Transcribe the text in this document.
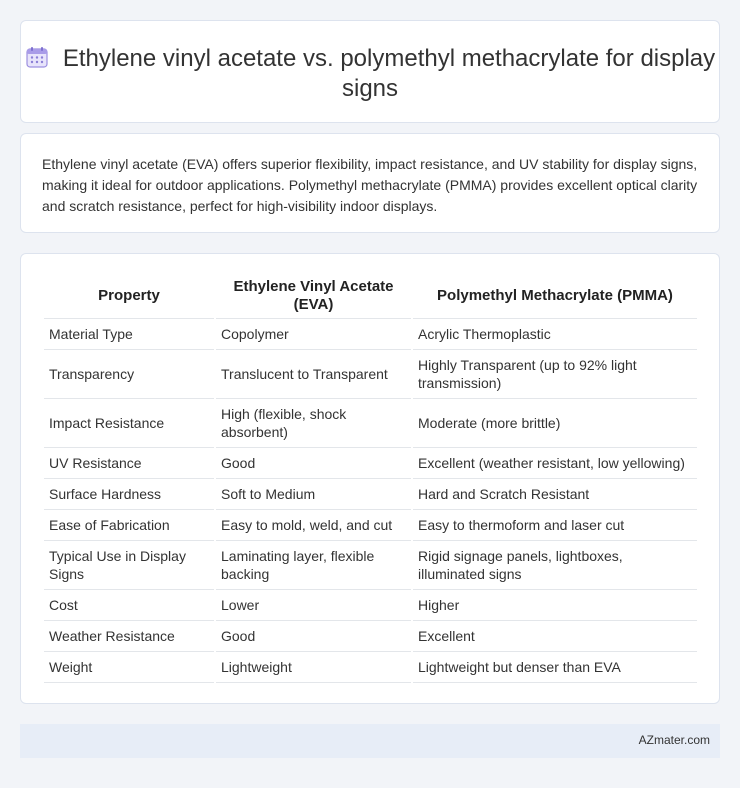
Ethylene vinyl acetate vs. polymethyl methacrylate for display signs

Ethylene vinyl acetate (EVA) offers superior flexibility, impact resistance, and UV stability for display signs, making it ideal for outdoor applications. Polymethyl methacrylate (PMMA) provides excellent optical clarity and scratch resistance, perfect for high-visibility indoor displays.

Property	Ethylene Vinyl Acetate (EVA)	Polymethyl Methacrylate (PMMA)
Material Type	Copolymer	Acrylic Thermoplastic
Transparency	Translucent to Transparent	Highly Transparent (up to 92% light transmission)
Impact Resistance	High (flexible, shock absorbent)	Moderate (more brittle)
UV Resistance	Good	Excellent (weather resistant, low yellowing)
Surface Hardness	Soft to Medium	Hard and Scratch Resistant
Ease of Fabrication	Easy to mold, weld, and cut	Easy to thermoform and laser cut
Typical Use in Display Signs	Laminating layer, flexible backing	Rigid signage panels, lightboxes, illuminated signs
Cost	Lower	Higher
Weather Resistance	Good	Excellent
Weight	Lightweight	Lightweight but denser than EVA
AZmater.com
